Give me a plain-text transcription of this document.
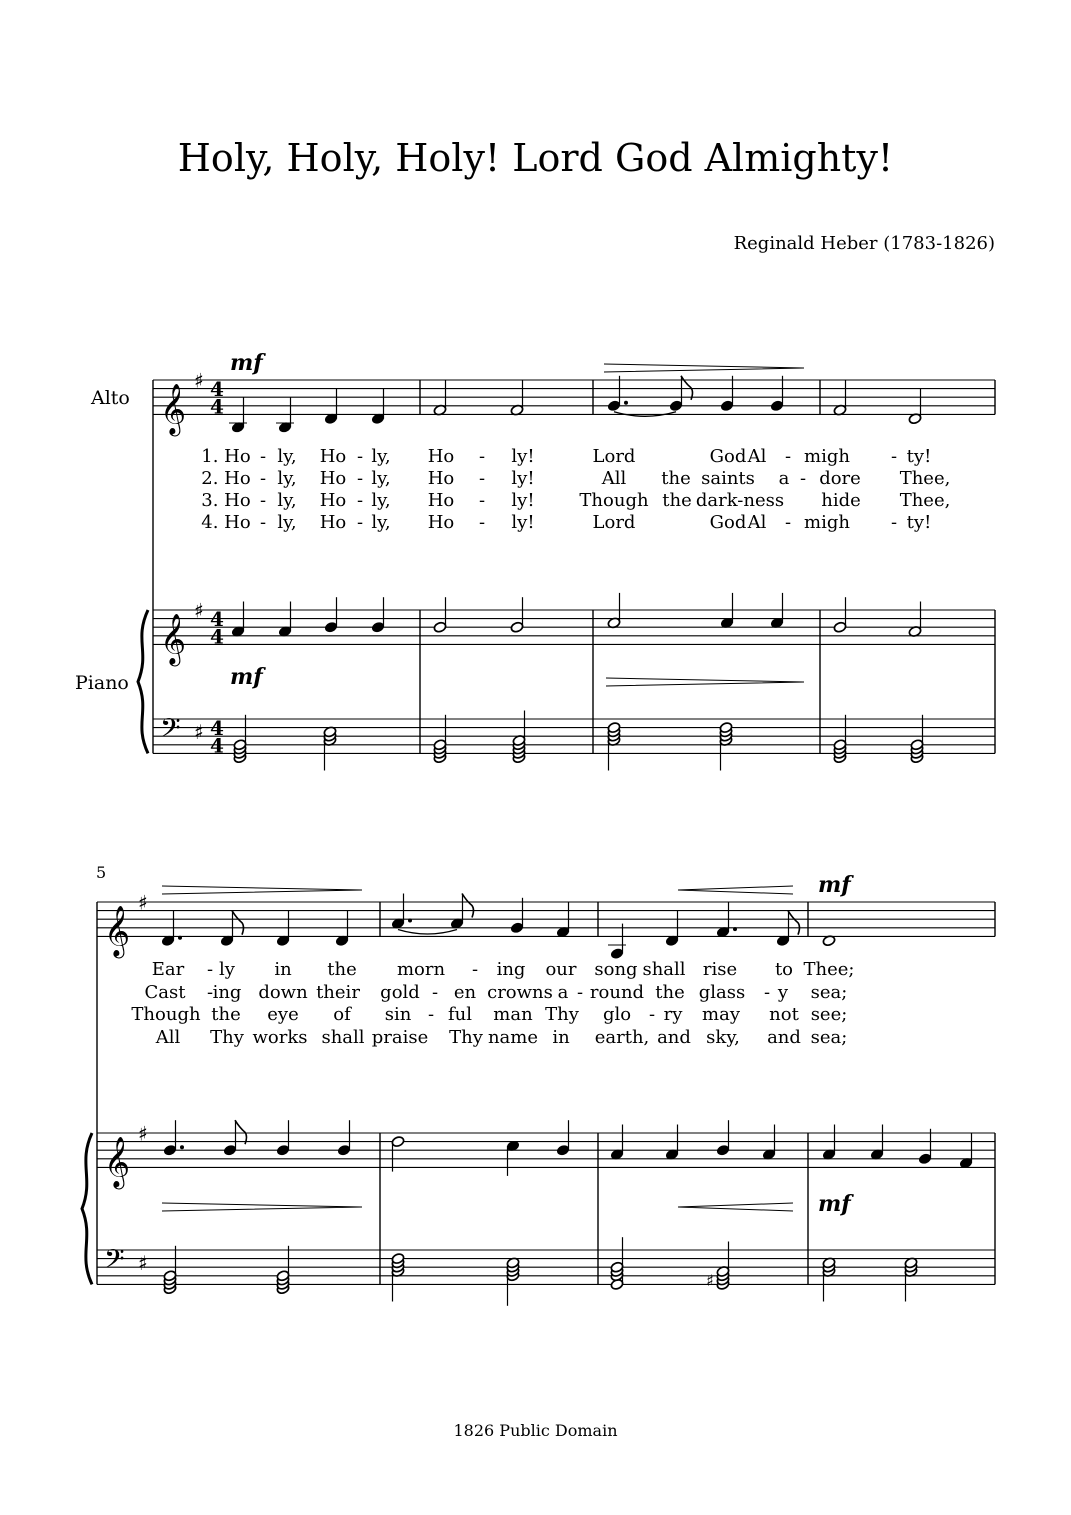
Holy, Holy, Holy! Lord God Almighty!
Reginald Heber (1783-1826)
Alto
Piano
5
1826 Public Domain
𝄞
♯ 4
4
𝄞
♯ 4
4
𝄢 ♯ 4
4
𝄞
♯
𝄞
♯
𝄢 ♯
♯
mf
mf
mf
mf
1. Ho - ly, Ho - ly, Ho - ly!	Lord	God Al - migh - ty!
2. Ho - ly, Ho - ly, Ho - ly!	All the saints a - dore Thee,
3. Ho - ly, Ho - ly, Ho - ly! Though the dark-ness hide Thee,
4. Ho - ly, Ho - ly, Ho - ly!	Lord	God Al - migh - ty!
Ear - ly in the morn - ing our song shall rise to Thee;
Cast - ing down their gold - en crowns a - round the glass - y sea;
Though the eye of sin - ful man Thy glo - ry may not see;
All Thy works shall praise Thy name in earth, and sky, and sea;
